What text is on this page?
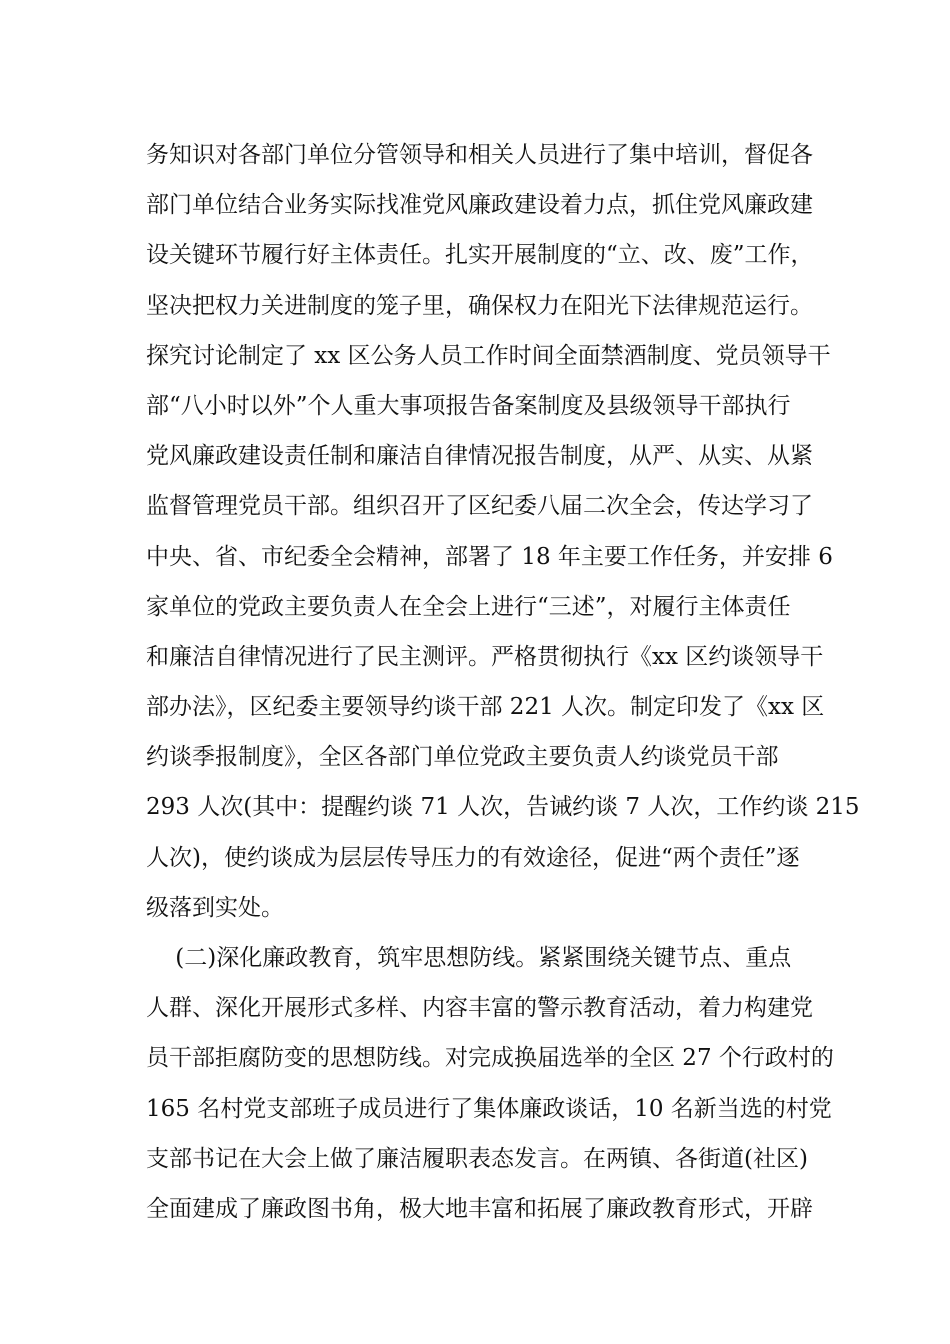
务知识对各部门单位分管领导和相关人员进行了集中培训，督促各
部门单位结合业务实际找准党风廉政建设着力点，抓住党风廉政建
设关键环节履行好主体责任。扎实开展制度的“立、改、废”工作，
坚决把权力关进制度的笼子里，确保权力在阳光下法律规范运行。
探究讨论制定了 xx 区公务人员工作时间全面禁酒制度、党员领导干
部“八小时以外”个人重大事项报告备案制度及县级领导干部执行
党风廉政建设责任制和廉洁自律情况报告制度，从严、从实、从紧
监督管理党员干部。组织召开了区纪委八届二次全会，传达学习了
中央、省、市纪委全会精神，部署了 18 年主要工作任务，并安排 6
家单位的党政主要负责人在全会上进行“三述”，对履行主体责任
和廉洁自律情况进行了民主测评。严格贯彻执行《xx 区约谈领导干
部办法》，区纪委主要领导约谈干部 221 人次。制定印发了《xx 区
约谈季报制度》，全区各部门单位党政主要负责人约谈党员干部
293 人次(其中：提醒约谈 71 人次，告诫约谈 7 人次，工作约谈 215
人次)，使约谈成为层层传导压力的有效途径，促进“两个责任”逐
级落到实处。
(二)深化廉政教育，筑牢思想防线。紧紧围绕关键节点、重点
人群、深化开展形式多样、内容丰富的警示教育活动，着力构建党
员干部拒腐防变的思想防线。对完成换届选举的全区 27 个行政村的
165 名村党支部班子成员进行了集体廉政谈话，10 名新当选的村党
支部书记在大会上做了廉洁履职表态发言。在两镇、各街道(社区)
全面建成了廉政图书角，极大地丰富和拓展了廉政教育形式，开辟
